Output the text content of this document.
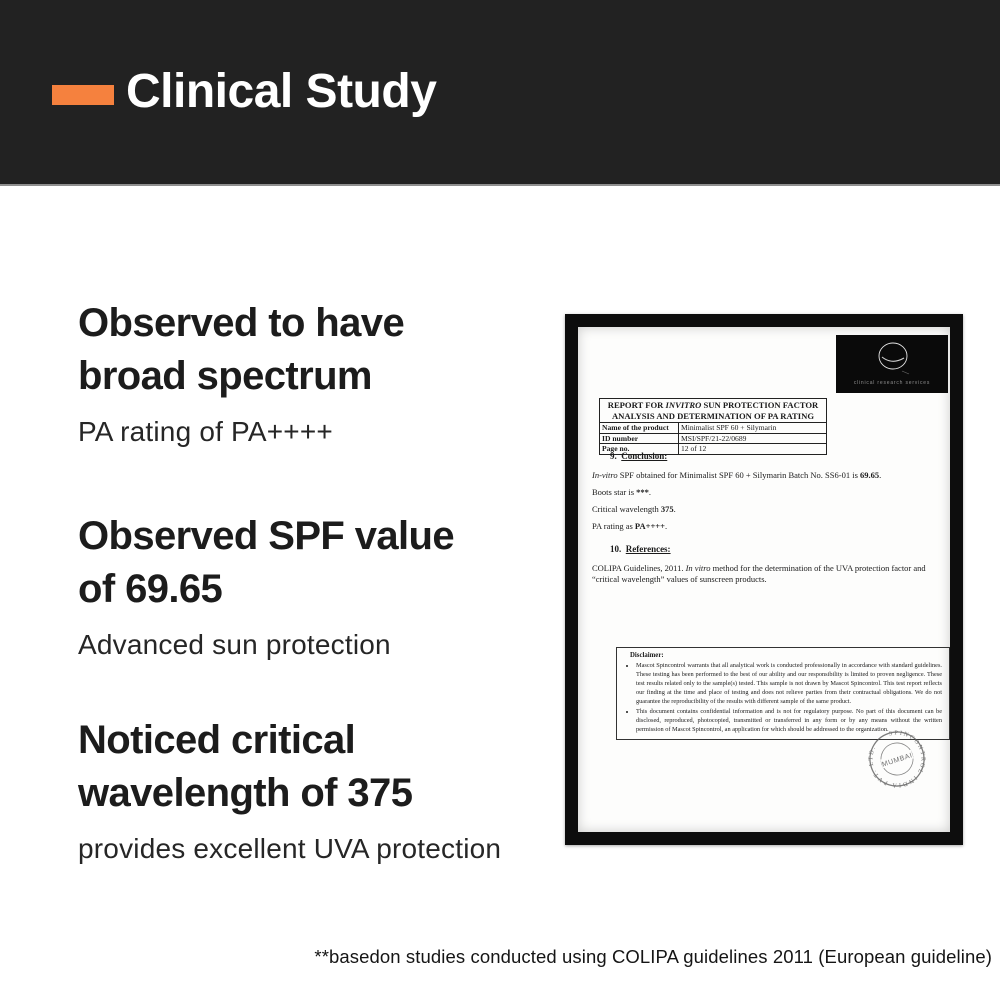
Clinical Study
Observed to have
broad spectrum
PA rating of PA++++
Observed SPF value
of 69.65
Advanced sun protection
Noticed critical
wavelength of 375
provides excellent UVA protection
clinical research services
REPORT FOR INVITRO SUN PROTECTION FACTOR
ANALYSIS AND DETERMINATION OF PA RATING	

Name of the product	Minimalist SPF 60 + Silymarin
ID number	MSI/SPF/21-22/0689
Page no.	12 of 12

9. Conclusion:

In-vitro SPF obtained for Minimalist SPF 60 + Silymarin Batch No. SS6-01 is 69.65.

Boots star is ***.

Critical wavelength 375.

PA rating as PA++++.

10. References:

COLIPA Guidelines, 2011. In vitro method for the determination of the UVA protection factor and “critical wavelength” values of sunscreen products.

Disclaimer:
• Mascot Spincontrol warrants that all analytical work is conducted professionally in accordance with standard guidelines. These testing has been performed to the best of our ability and our responsibility is limited to proven negligence. These test results related only to the sample(s) tested. This sample is not drawn by Mascot Spincontrol. This test report reflects our finding at the time and place of testing and does not relieve parties from their contractual obligations. We do not guarantee the reproducibility of the results with different sample of the same product.
• This document contains confidential information and is not for regulatory purpose. No part of this document can be disclosed, reproduced, photocopied, transmitted or transferred in any form or by any means without the written permission of Mascot Spincontrol, an application for which should be addressed to the organization.
SPINCONTROL INDIA PVT. LTD.
MUMBAI
**basedon studies conducted using COLIPA guidelines 2011 (European guideline)
